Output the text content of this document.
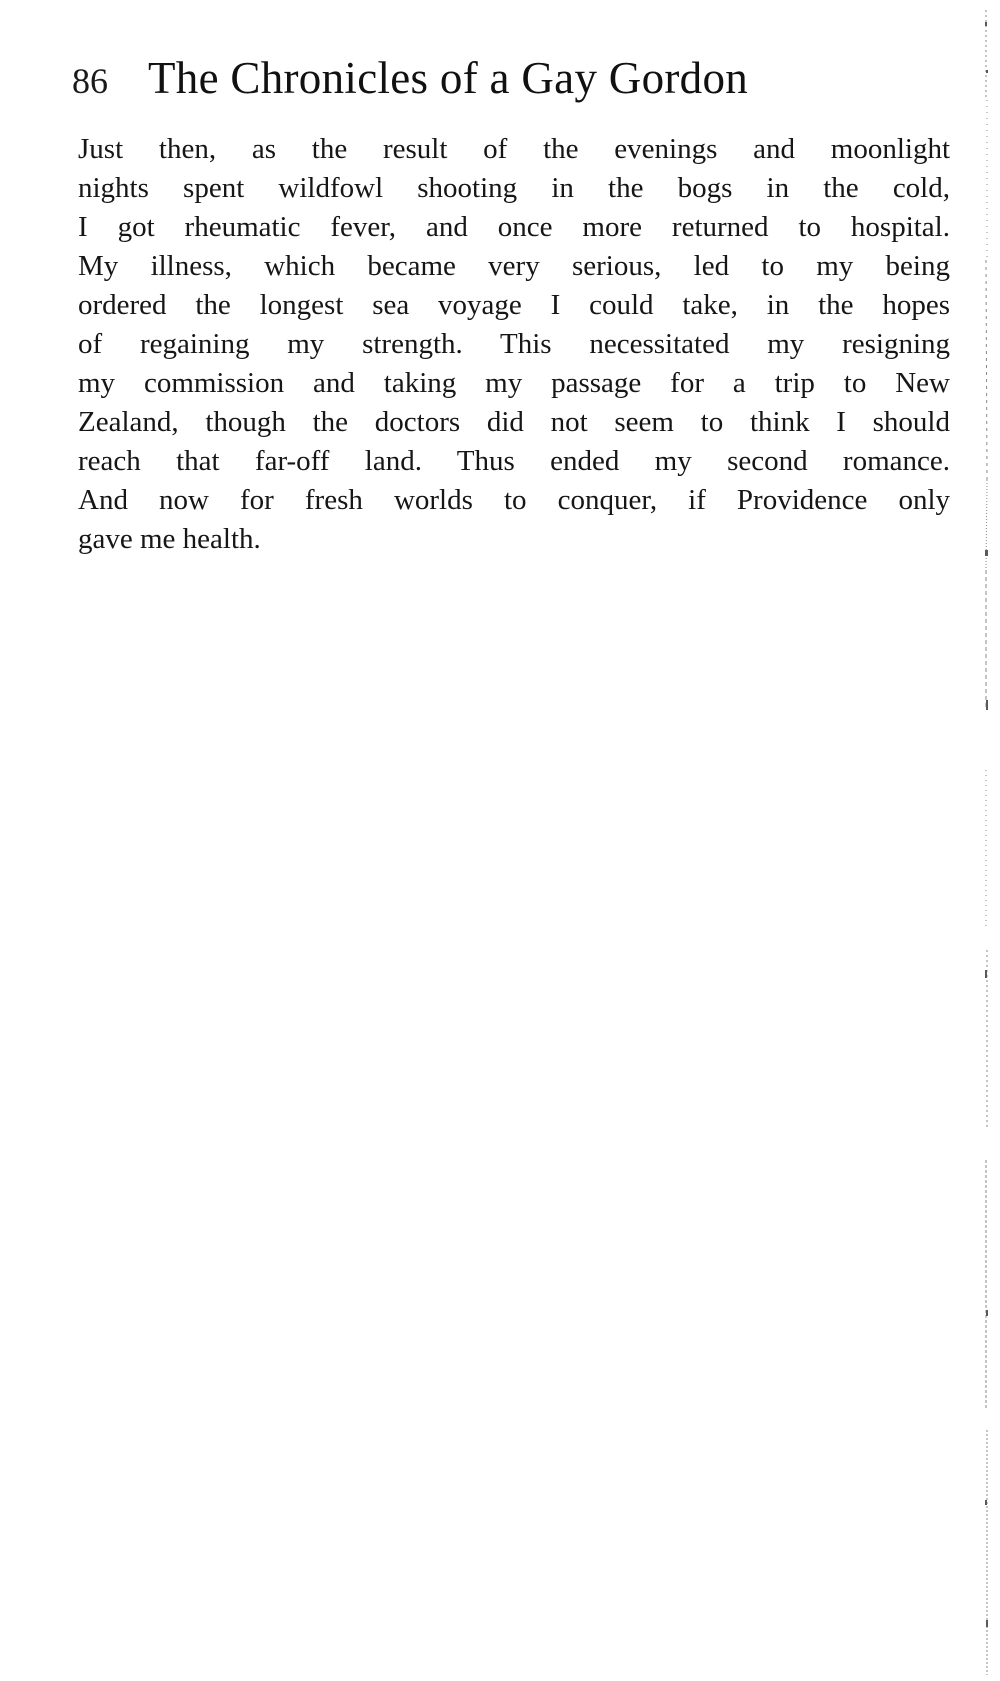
86 The Chronicles of a Gay Gordon
Just then, as the result of the evenings and moonlight
nights spent wildfowl shooting in the bogs in the cold,
I got rheumatic fever, and once more returned to hospital.
My illness, which became very serious, led to my being
ordered the longest sea voyage I could take, in the hopes
of regaining my strength. This necessitated my resigning
my commission and taking my passage for a trip to New
Zealand, though the doctors did not seem to think I should
reach that far-off land. Thus ended my second romance.
And now for fresh worlds to conquer, if Providence only
gave me health.
